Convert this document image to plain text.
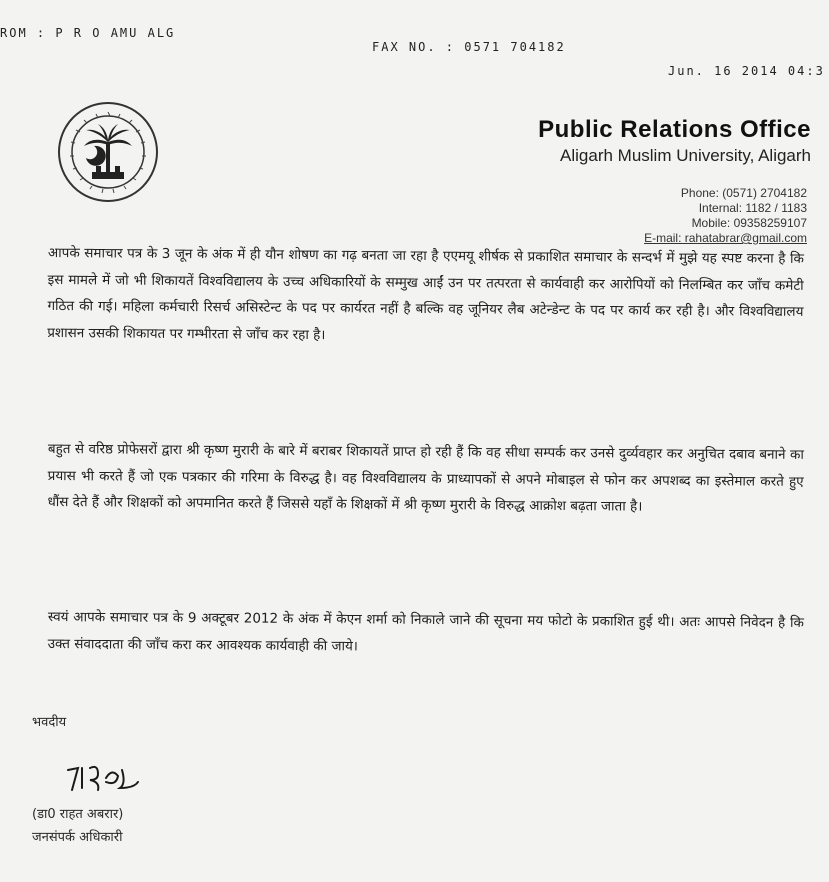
ROM : P R O AMU ALG
FAX NO. : 0571 704182
Jun. 16 2014 04:3
Public Relations Office
Aligarh Muslim University, Aligarh
Phone: (0571) 2704182
Internal: 1182 / 1183
Mobile: 09358259107
E-mail: rahatabrar@gmail.com
आपके समाचार पत्र के 3 जून के अंक में ही यौन शोषण का गढ़ बनता जा रहा है एएमयू शीर्षक से प्रकाशित समाचार के सन्दर्भ में मुझे यह स्पष्ट करना है कि इस मामले में जो भी शिकायतें विश्वविद्यालय के उच्च अधिकारियों के सम्मुख आईं उन पर तत्परता से कार्यवाही कर आरोपियों को निलम्बित कर जाँच कमेटी गठित की गई। महिला कर्मचारी रिसर्च असिस्टेन्ट के पद पर कार्यरत नहीं है बल्कि वह जूनियर लैब अटेन्डेन्ट के पद पर कार्य कर रही है। और विश्वविद्यालय प्रशासन उसकी शिकायत पर गम्भीरता से जाँच कर रहा है।
बहुत से वरिष्ठ प्रोफेसरों द्वारा श्री कृष्ण मुरारी के बारे में बराबर शिकायतें प्राप्त हो रही हैं कि वह सीधा सम्पर्क कर उनसे दुर्व्यवहार कर अनुचित दबाव बनाने का प्रयास भी करते हैं जो एक पत्रकार की गरिमा के विरुद्ध है। वह विश्वविद्यालय के प्राध्यापकों से अपने मोबाइल से फोन कर अपशब्द का इस्तेमाल करते हुए धौंस देते हैं और शिक्षकों को अपमानित करते हैं जिससे यहाँ के शिक्षकों में श्री कृष्ण मुरारी के विरुद्ध आक्रोश बढ़ता जाता है।
स्वयं आपके समाचार पत्र के 9 अक्टूबर 2012 के अंक में केएन शर्मा को निकाले जाने की सूचना मय फोटो के प्रकाशित हुई थी। अतः आपसे निवेदन है कि उक्त संवाददाता की जाँच करा कर आवश्यक कार्यवाही की जाये।
भवदीय
(डा0 राहत अबरार)
जनसंपर्क अधिकारी
